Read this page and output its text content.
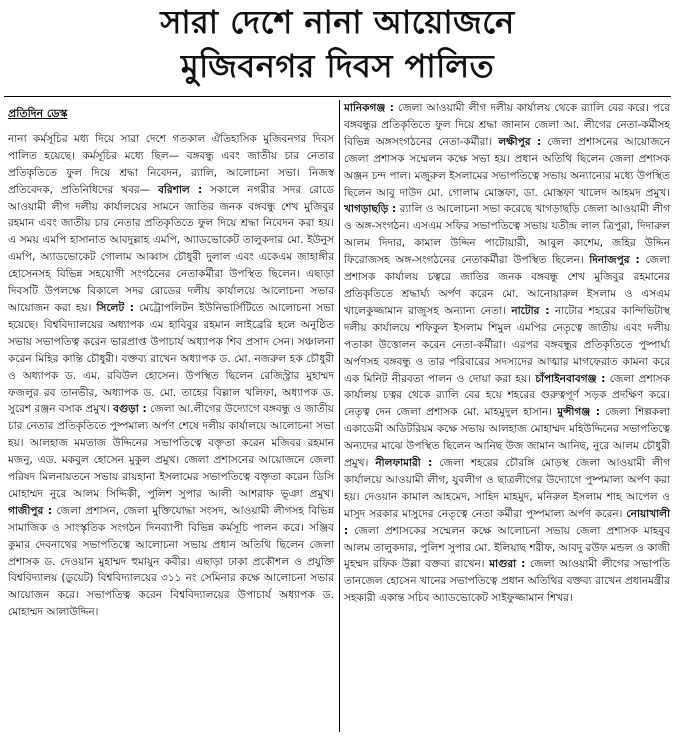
সারা দেশে নানা আয়োজনে
মুজিবনগর দিবস পালিত
প্রতিদিন ডেস্ক

নানা কর্মসূচির মধ্য দিয়ে সারা দেশে গতকাল ঐতিহাসিক মুজিবনগর দিবস পালিত হয়েছে। কর্মসূচির মধ্যে ছিল— বঙ্গবন্ধু এবং জাতীয় চার নেতার প্রতিকৃতিতে ফুল দিয়ে শ্রদ্ধা নিবেদন, র‌্যালি, আলোচনা সভা। নিজস্ব প্রতিবেদক, প্রতিনিধিদের খবর— বরিশাল : সকালে নগরীর সদর রোডে আওয়ামী লীগ দলীয় কার্যালয়ের সামনে জাতির জনক বঙ্গবন্ধু শেখ মুজিবুর রহমান এবং জাতীয় চার নেতার প্রতিকৃতিতে ফুল দিয়ে শ্রদ্ধা নিবেদন করা হয়। এ সময় এমপি হাসানাত আবদুল্লাহ এমপি, অ্যাডভোকেট তালুকদার মো. ইউনুস এমপি, অ্যাডভোকেট গোলাম আব্বাস চৌধুরী দুলাল এবং একেএম জাহাঙ্গীর হোসেনসহ বিভিন্ন সহযোগী সংগঠনের নেতাকর্মীরা উপস্থিত ছিলেন। এছাড়া দিবসটি উপলক্ষে বিকালে সদর রোডের দলীয় কার্যালয়ে আলোচনা সভার আয়োজন করা হয়। সিলেট : মেট্রোপলিটন ইউনিভার্সিটিতে আলোচনা সভা হয়েছে। বিশ্ববিদ্যালয়ের অধ্যাপক এম হাবিবুর রহমান লাইব্রেরি হলে অনুষ্ঠিত সভায় সভাপতিত্ব করেন ভারপ্রাপ্ত উপাচার্য অধ্যাপক শিব প্রসাদ সেন। সঞ্চালনা করেন মিহির কান্তি চৌধুরী। বক্তব্য রাখেন অধ্যাপক ড. মো. নজরুল হক চৌধুরী ও অধ্যাপক ড. এম. রবিউল হোসেন। উপস্থিত ছিলেন রেজিস্ট্রার মুহাম্মদ ফজলুর রব তানভীর, অধ্যাপক ড. মো. তাহের বিল্লাল খলিফা, অধ্যাপক ড. সুরেশ রঞ্জন বসাক প্রমুখ। বগুড়া : জেলা আ.লীগের উদ্যোগে বঙ্গবন্ধু ও জাতীয় চার নেতার প্রতিকৃতিতে পুষ্পমাল্য অর্পণ শেষে দলীয় কার্যালয়ে আলোচনা সভা হয়। আলহাজ মমতাজ উদ্দিনের সভাপতিত্বে বক্তৃতা করেন মজিবর রহমান মজনু, এড. মকবুল হোসেন মুকুল প্রমুখ। জেলা প্রশাসনের আয়োজনে জেলা পরিষদ মিলনায়তনে সভায় রায়হানা ইসলামের সভাপতিত্বে বক্তৃতা করেন ডিসি মোহাম্মদ নুরে আলম সিদ্দিকী, পুলিশ সুপার আলী আশরাফ ভূঞা প্রমুখ। গাজীপুর : জেলা প্রশাসন, জেলা মুক্তিযোদ্ধা সংসদ, আওয়ামী লীগসহ বিভিন্ন সামাজিক ও সাংস্কৃতিক সংগঠন দিনব্যাপী বিভিন্ন কর্মসূচি পালন করে। সঞ্জিব কুমার দেবনাথের সভাপতিত্বে আলোচনা সভায় প্রধান অতিথি ছিলেন জেলা প্রশাসক ড. দেওয়ান মুহাম্মদ হুমায়ুন কবীর। এছাড়া ঢাকা প্রকৌশল ও প্রযুক্তি বিশ্ববিদ্যালয় (ডুয়েট) বিশ্ববিদ্যালয়ের ৩১১ নং সেমিনার কক্ষে আলোচনা সভার আয়োজন করে। সভাপতিত্ব করেন বিশ্ববিদ্যালয়ের উপাচার্য অধ্যাপক ড. মোহাম্মদ আলাউদ্দিন।

মানিকগঞ্জ : জেলা আওয়ামী লীগ দলীয় কার্যালয় থেকে র‌্যালি বের করে। পরে বঙ্গবন্ধুর প্রতিকৃতিতে ফুল দিয়ে শ্রদ্ধা জানান জেলা আ. লীগের নেতা-কর্মীসহ বিভিন্ন অঙ্গসংগঠনের নেতা-কর্মীরা। লক্ষীপুর : জেলা প্রশাসনের আয়োজনে জেলা প্রশাসক সম্মেলন কক্ষে সভা হয়। প্রধান অতিথি ছিলেন জেলা প্রশাসক অঞ্জন চন্দ পাল। মজুরুল ইসলামের সভাপতিত্বে সভায় অন্যান্যের মধ্যে উপস্থিত ছিলেন আবু দাউদ মো. গোলাম মোস্তফা, ডা. মোস্তফা খালেদ আহমদ প্রমুখ। খাগড়াছড়ি : র‌্যালি ও আলোচনা সভা করেছে খাগড়াছড়ি জেলা আওয়ামী লীগ ও অঙ্গ-সংগঠন। এসএম সফির সভাপতিত্বে সভায় যতীন্দ্র লাল ত্রিপুরা, দিদারুল আলম দিদার, কামাল উদ্দিন পাটোয়ারী, আবুল কাশেম, জহির উদ্দিন ফিরোজসহ অঙ্গ-সংগঠনের নেতাকর্মীরা উপস্থিত ছিলেন। দিনাজপুর : জেলা প্রশাসক কার্যালয় চত্বরে জাতির জনক বঙ্গবন্ধু শেখ মুজিবুর রহমানের প্রতিকৃতিতে শ্রদ্ধার্ঘ্য অর্পণ করেন মো. আনোয়ারুল ইসলাম ও এসএম খালেকুজ্জামান রাজুসহ অন্যান্য নেতা। নাটোর : নাটোর শহরের কান্দিভিটাস্থ দলীয় কার্যালয়ে শফিকুল ইসলাম শিমুল এমপির নেতৃত্বে জাতীয় এবং দলীয় পতাকা উত্তোলন করেন নেতা-কর্মীরা। এরপর বঙ্গবন্ধুর প্রতিকৃতিতে পুষ্পার্ঘ্য অর্পণসহ বঙ্গবন্ধু ও তার পরিবারের সদস্যদের আত্মার মাগফেরাত কামনা করে এক মিনিট নীরবতা পালন ও দোয়া করা হয়। চাঁপাইনবাবগঞ্জ : জেলা প্রশাসক কার্যালয় চত্বর থেকে র‌্যালি বের হয়ে শহরের গুরুত্বপূর্ণ সড়ক প্রদক্ষিণ করে। নেতৃত্ব দেন জেলা প্রশাসক মো. মাহমুদুল হাসান। মুন্সীগঞ্জ : জেলা শিল্পকলা একাডেমী অডিটরিয়ম কক্ষে সভায় আলহাজ মোহাম্মদ মহিউদ্দিনের সভাপতিত্বে অন্যদের মাঝে উপস্থিত ছিলেন আনিছ উজ জামান আনিছ, নুরে আলম চৌধুরী প্রমুখ। নীলফামারী : জেলা শহরের চৌরঙ্গি মোড়স্থ জেলা আওয়ামী লীগ কার্যালয়ে আওয়ামী লীগ, যুবলীগ ও ছাত্রলীগের উদ্যোগে পুষ্পমাল্য অর্পণ করা হয়। দেওয়ান কামাল আহমেদ, সাহিদ মাহমুদ, মনিরুল ইসলাম শাহ আপেল ও মাসুদ সরকার মাসুদের নেতৃত্বে নেতা কর্মীরা পুষ্পমাল্য অর্পণ করেন। নোয়াখালী : জেলা প্রশাসকের সম্মেলন কক্ষে আলোচনা সভায় জেলা প্রশাসক মাহবুব আলম তালুকদার, পুলিশ সুপার মো. ইলিয়াছ শরীফ, আবদু রউফ মন্ডল ও কাজী মুহম্মদ রফিক উল্লা বক্তব্য রাখেন। মাগুরা : জেলা আওয়ামী লীগের সভাপতি তানজেল হোসেন খানের সভাপতিত্বে প্রধান অতিথির বক্তব্য রাখেন প্রধানমন্ত্রীর সহকারী একান্ত সচিব অ্যাডভোকেট সাইফুজ্জামান শিখর।
